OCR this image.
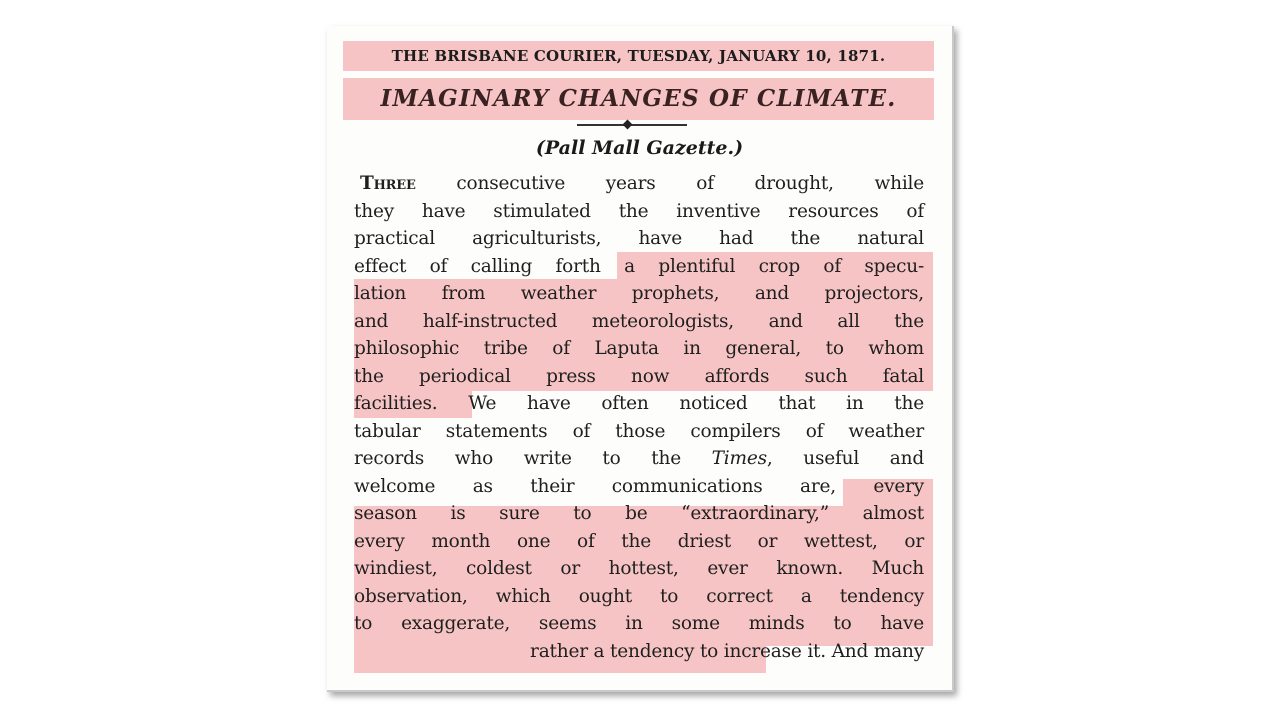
THE BRISBANE COURIER, TUESDAY, JANUARY 10, 1871.
IMAGINARY CHANGES OF CLIMATE.
(Pall Mall Gazette.)
Three consecutive years of drought, while
they have stimulated the inventive resources of
practical agriculturists, have had the natural
effect of calling forth a plentiful crop of specu-
lation from weather prophets, and projectors,
and half-instructed meteorologists, and all the
philosophic tribe of Laputa in general, to whom
the periodical press now affords such fatal
facilities. We have often noticed that in the
tabular statements of those compilers of weather
records who write to the Times, useful and
welcome as their communications are, every
season is sure to be “extraordinary,” almost
every month one of the driest or wettest, or
windiest, coldest or hottest, ever known. Much
observation, which ought to correct a tendency
to exaggerate, seems in some minds to have
rather a tendency to increase it. And many
